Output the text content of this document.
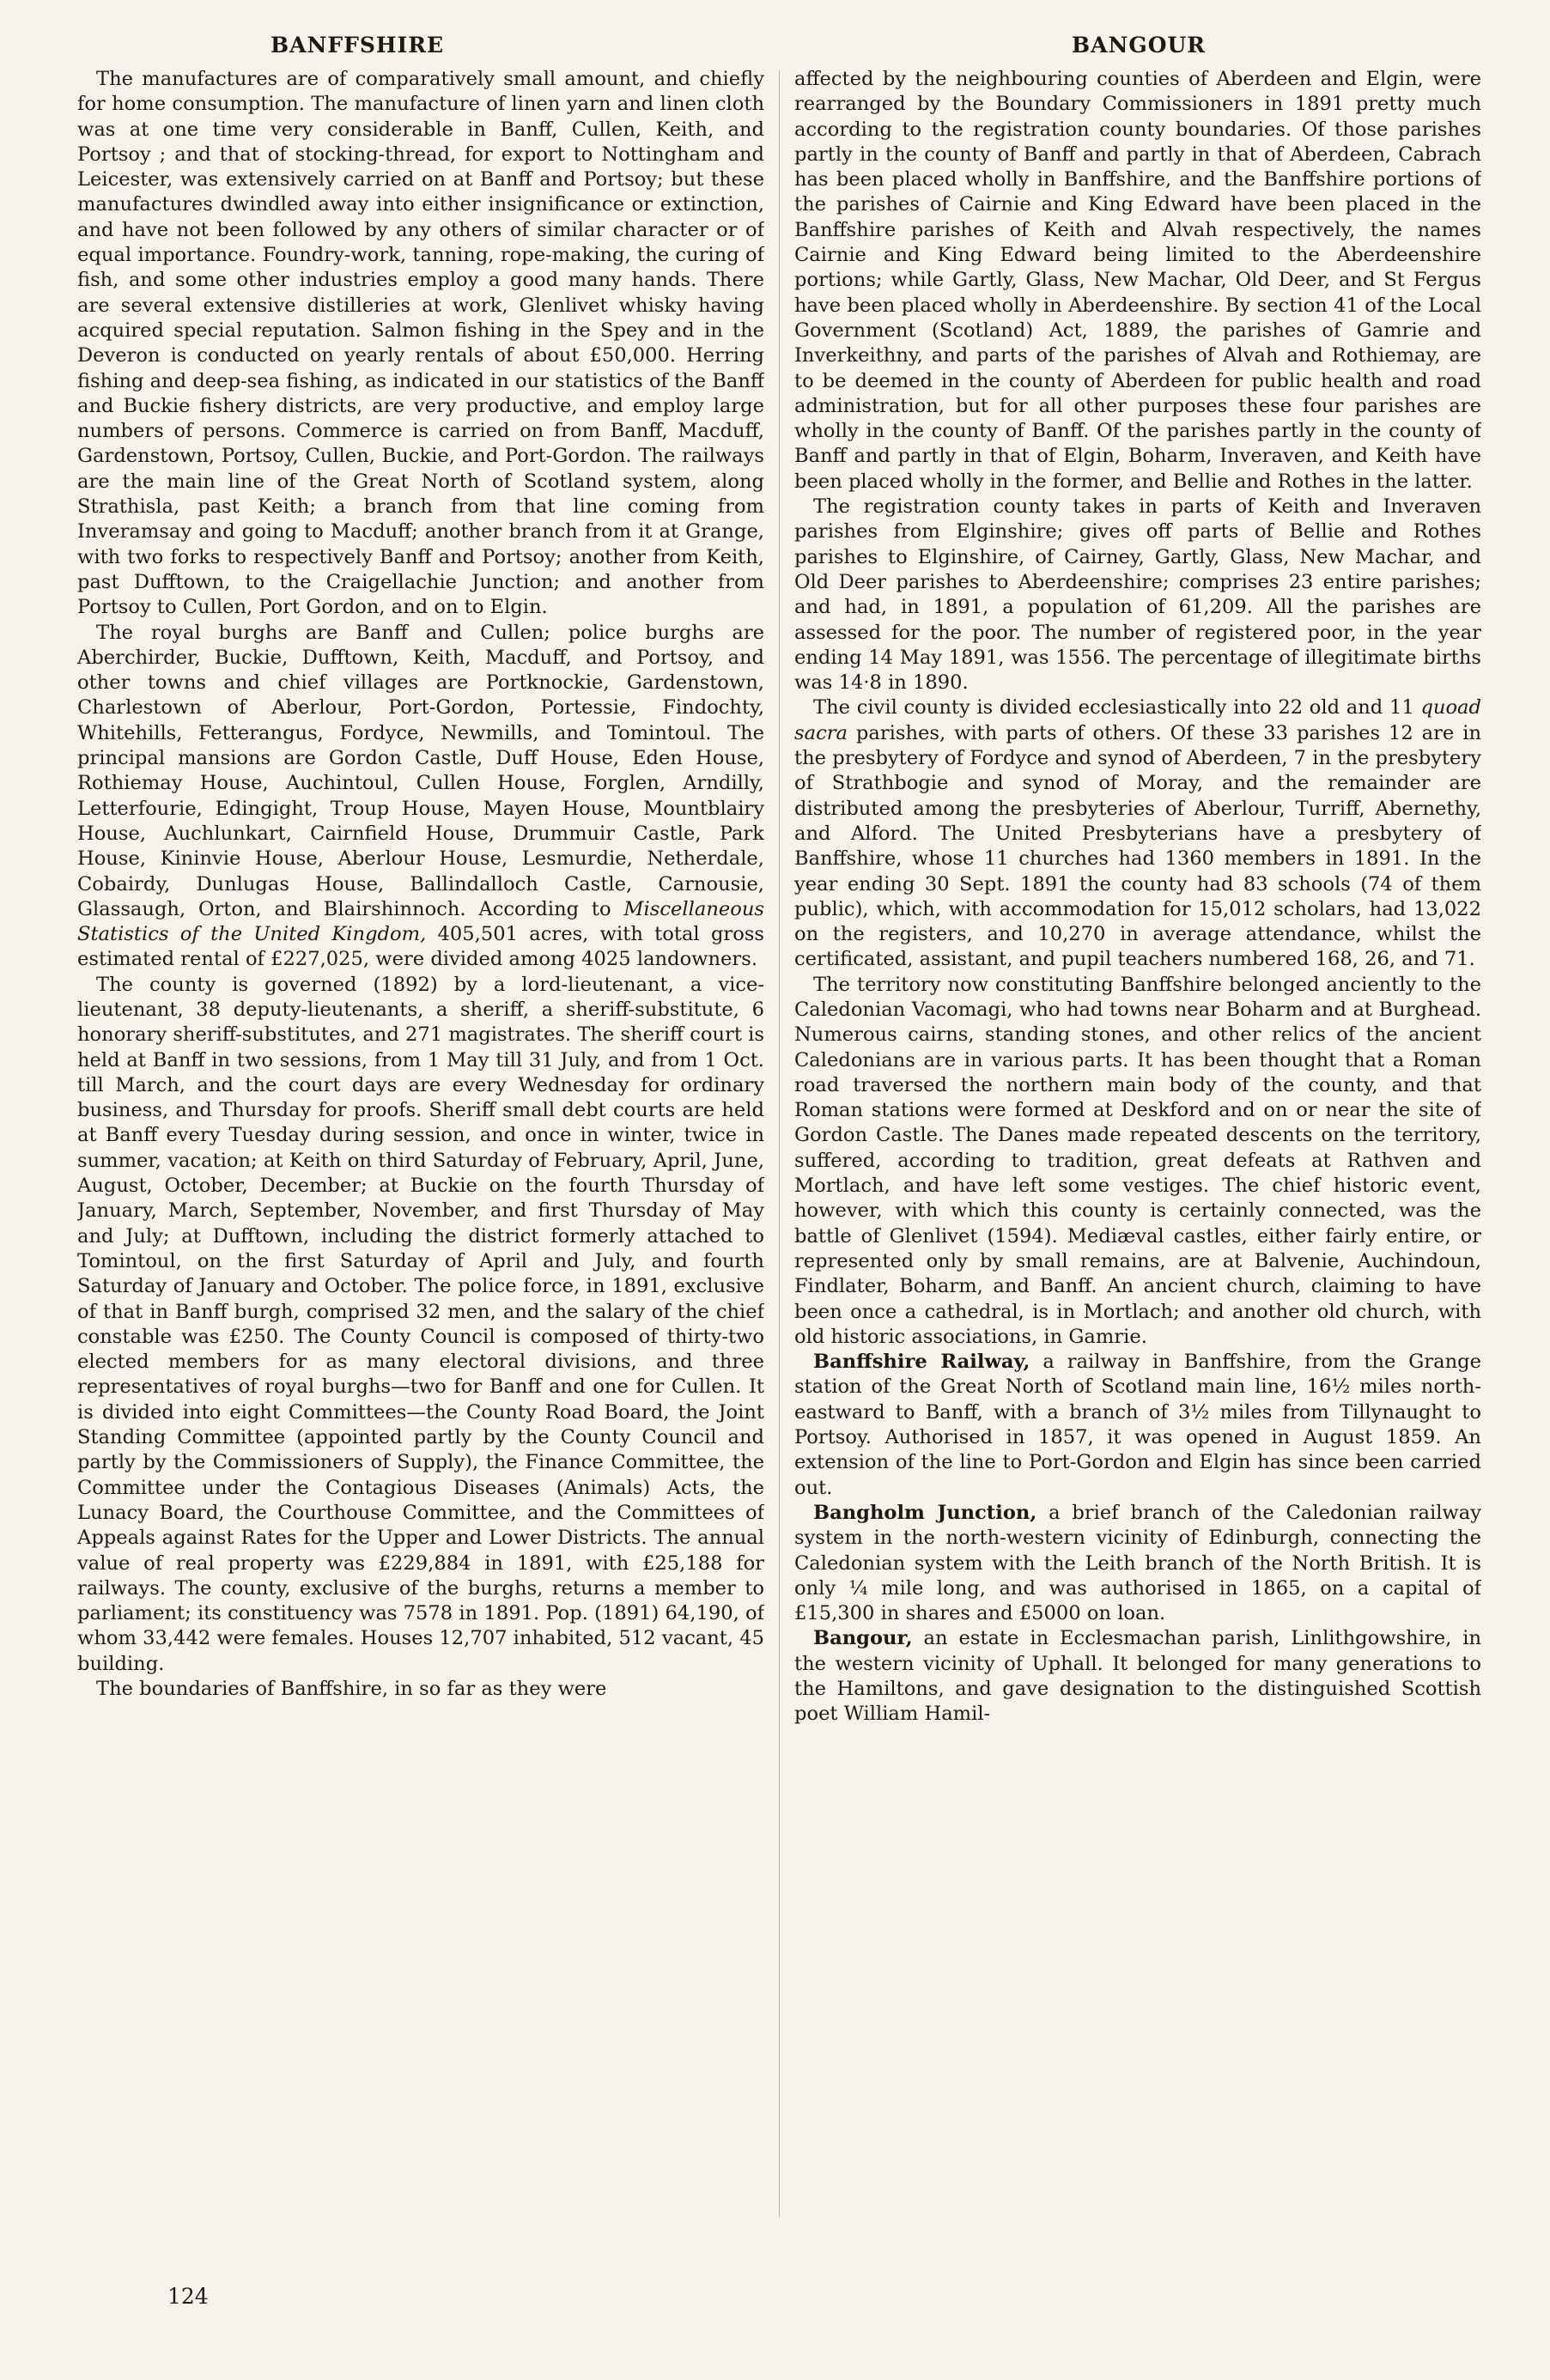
BANFFSHIRE	BANGOUR

The manufactures are of comparatively small amount, and chiefly for home consumption. The manufacture of linen yarn and linen cloth was at one time very considerable in Banff, Cullen, Keith, and Portsoy ; and that of stocking-thread, for export to Nottingham and Leicester, was extensively carried on at Banff and Portsoy; but these manufactures dwindled away into either insignificance or extinction, and have not been followed by any others of similar character or of equal importance. Foundry-work, tanning, rope-making, the curing of fish, and some other industries employ a good many hands. There are several extensive distilleries at work, Glenlivet whisky having acquired special reputation. Salmon fishing in the Spey and in the Deveron is conducted on yearly rentals of about £50,000. Herring fishing and deep-sea fishing, as indicated in our statistics of the Banff and Buckie fishery districts, are very productive, and employ large numbers of persons. Commerce is carried on from Banff, Macduff, Gardenstown, Portsoy, Cullen, Buckie, and Port-Gordon. The railways are the main line of the Great North of Scotland system, along Strathisla, past Keith; a branch from that line coming from Inveramsay and going to Macduff; another branch from it at Grange, with two forks to respectively Banff and Portsoy; another from Keith, past Dufftown, to the Craigellachie Junction; and another from Portsoy to Cullen, Port Gordon, and on to Elgin.

The royal burghs are Banff and Cullen; police burghs are Aberchirder, Buckie, Dufftown, Keith, Macduff, and Portsoy, and other towns and chief villages are Portknockie, Gardenstown, Charlestown of Aberlour, Port-Gordon, Portessie, Findochty, Whitehills, Fetterangus, Fordyce, Newmills, and Tomintoul. The principal mansions are Gordon Castle, Duff House, Eden House, Rothiemay House, Auchintoul, Cullen House, Forglen, Arndilly, Letterfourie, Edingight, Troup House, Mayen House, Mountblairy House, Auchlunkart, Cairnfield House, Drummuir Castle, Park House, Kininvie House, Aberlour House, Lesmurdie, Netherdale, Cobairdy, Dunlugas House, Ballindalloch Castle, Carnousie, Glassaugh, Orton, and Blairshinnoch. According to Miscellaneous Statistics of the United Kingdom, 405,501 acres, with total gross estimated rental of £227,025, were divided among 4025 landowners.

The county is governed (1892) by a lord-lieutenant, a vice-lieutenant, 38 deputy-lieutenants, a sheriff, a sheriff-substitute, 6 honorary sheriff-substitutes, and 271 magistrates. The sheriff court is held at Banff in two sessions, from 1 May till 31 July, and from 1 Oct. till March, and the court days are every Wednesday for ordinary business, and Thursday for proofs. Sheriff small debt courts are held at Banff every Tuesday during session, and once in winter, twice in summer, vacation; at Keith on third Saturday of February, April, June, August, October, December; at Buckie on the fourth Thursday of January, March, September, November, and first Thursday of May and July; at Dufftown, including the district formerly attached to Tomintoul, on the first Saturday of April and July, and fourth Saturday of January and October. The police force, in 1891, exclusive of that in Banff burgh, comprised 32 men, and the salary of the chief constable was £250. The County Council is composed of thirty-two elected members for as many electoral divisions, and three representatives of royal burghs—two for Banff and one for Cullen. It is divided into eight Committees—the County Road Board, the Joint Standing Committee (appointed partly by the County Council and partly by the Commissioners of Supply), the Finance Committee, the Committee under the Contagious Diseases (Animals) Acts, the Lunacy Board, the Courthouse Committee, and the Committees of Appeals against Rates for the Upper and Lower Districts. The annual value of real property was £229,884 in 1891, with £25,188 for railways. The county, exclusive of the burghs, returns a member to parliament; its constituency was 7578 in 1891. Pop. (1891) 64,190, of whom 33,442 were females. Houses 12,707 inhabited, 512 vacant, 45 building.

The boundaries of Banffshire, in so far as they were

affected by the neighbouring counties of Aberdeen and Elgin, were rearranged by the Boundary Commissioners in 1891 pretty much according to the registration county boundaries. Of those parishes partly in the county of Banff and partly in that of Aberdeen, Cabrach has been placed wholly in Banffshire, and the Banffshire portions of the parishes of Cairnie and King Edward have been placed in the Banffshire parishes of Keith and Alvah respectively, the names Cairnie and King Edward being limited to the Aberdeenshire portions; while Gartly, Glass, New Machar, Old Deer, and St Fergus have been placed wholly in Aberdeenshire. By section 41 of the Local Government (Scotland) Act, 1889, the parishes of Gamrie and Inverkeithny, and parts of the parishes of Alvah and Rothiemay, are to be deemed in the county of Aberdeen for public health and road administration, but for all other purposes these four parishes are wholly in the county of Banff. Of the parishes partly in the county of Banff and partly in that of Elgin, Boharm, Inveraven, and Keith have been placed wholly in the former, and Bellie and Rothes in the latter.

The registration county takes in parts of Keith and Inveraven parishes from Elginshire; gives off parts of Bellie and Rothes parishes to Elginshire, of Cairney, Gartly, Glass, New Machar, and Old Deer parishes to Aberdeenshire; comprises 23 entire parishes; and had, in 1891, a population of 61,209. All the parishes are assessed for the poor. The number of registered poor, in the year ending 14 May 1891, was 1556. The percentage of illegitimate births was 14·8 in 1890.

The civil county is divided ecclesiastically into 22 old and 11 quoad sacra parishes, with parts of others. Of these 33 parishes 12 are in the presbytery of Fordyce and synod of Aberdeen, 7 in the presbytery of Strathbogie and synod of Moray, and the remainder are distributed among the presbyteries of Aberlour, Turriff, Abernethy, and Alford. The United Presbyterians have a presbytery of Banffshire, whose 11 churches had 1360 members in 1891. In the year ending 30 Sept. 1891 the county had 83 schools (74 of them public), which, with accommodation for 15,012 scholars, had 13,022 on the registers, and 10,270 in average attendance, whilst the certificated, assistant, and pupil teachers numbered 168, 26, and 71.

The territory now constituting Banffshire belonged anciently to the Caledonian Vacomagi, who had towns near Boharm and at Burghead. Numerous cairns, standing stones, and other relics of the ancient Caledonians are in various parts. It has been thought that a Roman road traversed the northern main body of the county, and that Roman stations were formed at Deskford and on or near the site of Gordon Castle. The Danes made repeated descents on the territory, suffered, according to tradition, great defeats at Rathven and Mortlach, and have left some vestiges. The chief historic event, however, with which this county is certainly connected, was the battle of Glenlivet (1594). Mediæval castles, either fairly entire, or represented only by small remains, are at Balvenie, Auchindoun, Findlater, Boharm, and Banff. An ancient church, claiming to have been once a cathedral, is in Mortlach; and another old church, with old historic associations, in Gamrie.

Banffshire Railway, a railway in Banffshire, from the Grange station of the Great North of Scotland main line, 16½ miles north-eastward to Banff, with a branch of 3½ miles from Tillynaught to Portsoy. Authorised in 1857, it was opened in August 1859. An extension of the line to Port-Gordon and Elgin has since been carried out.

Bangholm Junction, a brief branch of the Caledonian railway system in the north-western vicinity of Edinburgh, connecting the Caledonian system with the Leith branch of the North British. It is only ¼ mile long, and was authorised in 1865, on a capital of £15,300 in shares and £5000 on loan.

Bangour, an estate in Ecclesmachan parish, Linlithgowshire, in the western vicinity of Uphall. It belonged for many generations to the Hamiltons, and gave designation to the distinguished Scottish poet William Hamil-

124
